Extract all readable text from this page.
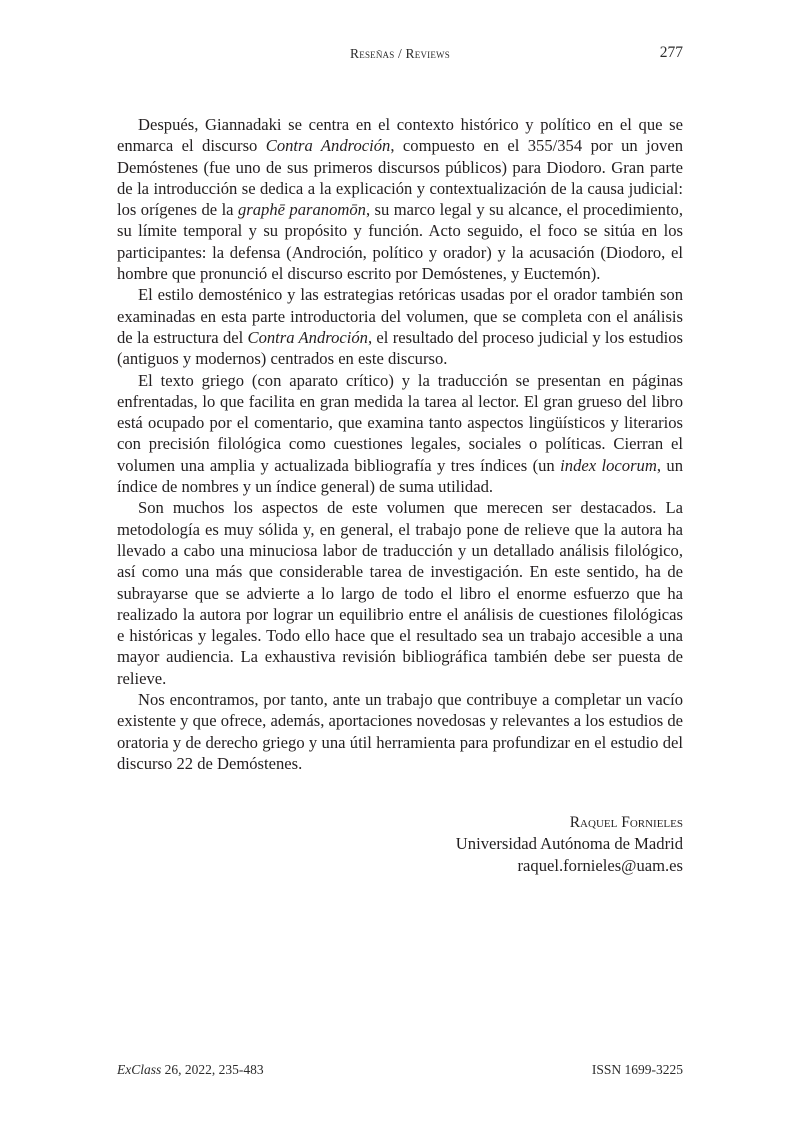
Reseñas / Reviews	277

Después, Giannadaki se centra en el contexto histórico y político en el que se enmarca el discurso Contra Androción, compuesto en el 355/354 por un joven Demóstenes (fue uno de sus primeros discursos públicos) para Diodoro. Gran parte de la introducción se dedica a la explicación y contextualización de la causa judicial: los orígenes de la graphē paranomōn, su marco legal y su alcance, el procedimiento, su límite temporal y su propósito y función. Acto seguido, el foco se sitúa en los participantes: la defensa (Androción, político y orador) y la acusación (Diodoro, el hombre que pronunció el discurso escrito por Demóstenes, y Euctemón).

El estilo demosténico y las estrategias retóricas usadas por el orador también son examinadas en esta parte introductoria del volumen, que se completa con el análisis de la estructura del Contra Androción, el resultado del proceso judicial y los estudios (antiguos y modernos) centrados en este discurso.

El texto griego (con aparato crítico) y la traducción se presentan en páginas enfrentadas, lo que facilita en gran medida la tarea al lector. El gran grueso del libro está ocupado por el comentario, que examina tanto aspectos lingüísticos y literarios con precisión filológica como cuestiones legales, sociales o políticas. Cierran el volumen una amplia y actualizada bibliografía y tres índices (un index locorum, un índice de nombres y un índice general) de suma utilidad.

Son muchos los aspectos de este volumen que merecen ser destacados. La metodología es muy sólida y, en general, el trabajo pone de relieve que la autora ha llevado a cabo una minuciosa labor de traducción y un detallado análisis filológico, así como una más que considerable tarea de investigación. En este sentido, ha de subrayarse que se advierte a lo largo de todo el libro el enorme esfuerzo que ha realizado la autora por lograr un equilibrio entre el análisis de cuestiones filológicas e históricas y legales. Todo ello hace que el resultado sea un trabajo accesible a una mayor audiencia. La exhaustiva revisión bibliográfica también debe ser puesta de relieve.

Nos encontramos, por tanto, ante un trabajo que contribuye a completar un vacío existente y que ofrece, además, aportaciones novedosas y relevantes a los estudios de oratoria y de derecho griego y una útil herramienta para profundizar en el estudio del discurso 22 de Demóstenes.

Raquel Fornieles
Universidad Autónoma de Madrid
raquel.fornieles@uam.es
ExClass 26, 2022, 235-483	ISSN 1699-3225
